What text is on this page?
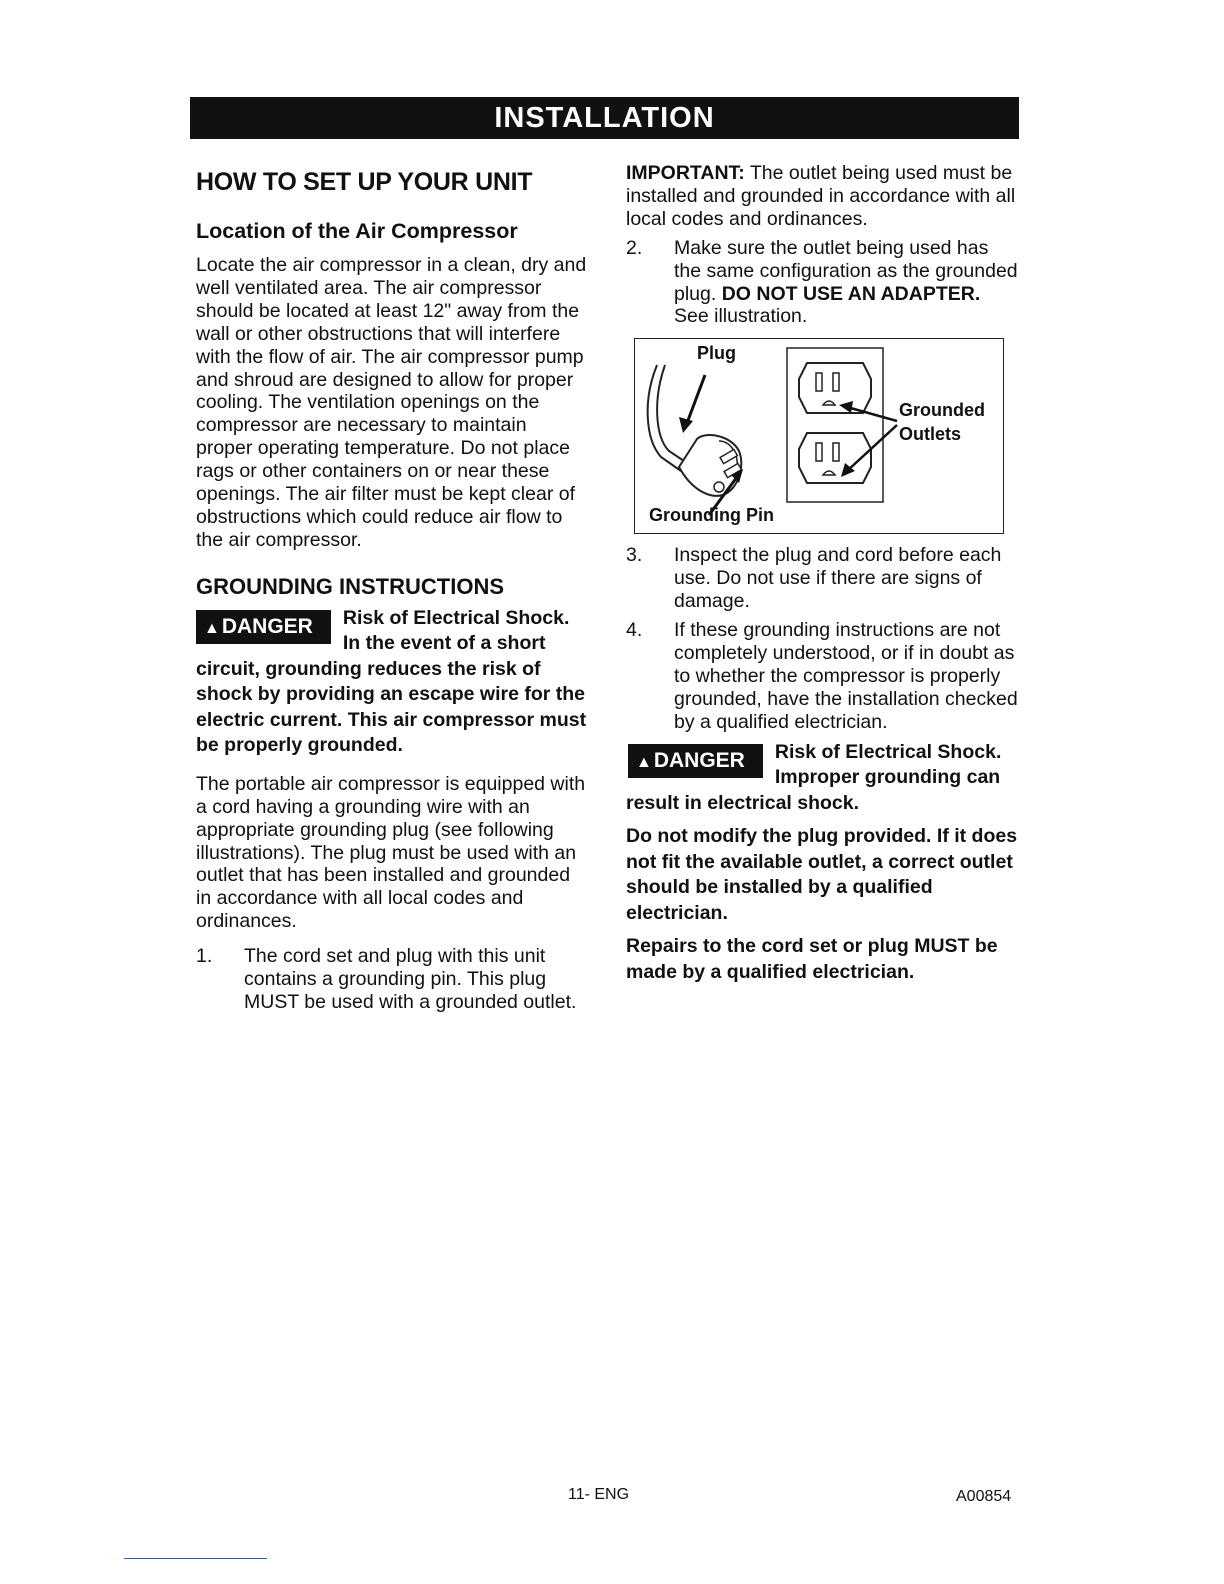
INSTALLATION
HOW TO SET UP YOUR UNIT
Location of the Air Compressor

Locate the air compressor in a clean, dry and well ventilated area. The air compressor should be located at least 12" away from the wall or other obstructions that will interfere with the flow of air. The air compressor pump and shroud are designed to allow for proper cooling. The ventilation openings on the compressor are necessary to maintain proper operating temperature. Do not place rags or other containers on or near these openings. The air filter must be kept clear of obstructions which could reduce air flow to the air compressor.

GROUNDING INSTRUCTIONS
▲DANGER	Risk of Electrical Shock. In the event of a short circuit, grounding reduces the risk of shock by providing an escape wire for the electric current. This air compressor must be properly grounded.

The portable air compressor is equipped with a cord having a grounding wire with an appropriate grounding plug (see following illustrations). The plug must be used with an outlet that has been installed and grounded in accordance with all local codes and ordinances.

1. The cord set and plug with this unit contains a grounding pin. This plug MUST be used with a grounded outlet.

IMPORTANT: The outlet being used must be installed and grounded in accordance with all local codes and ordinances.

2. Make sure the outlet being used has the same configuration as the grounded plug. DO NOT USE AN ADAPTER. See illustration.
Plug
Grounded
Outlets
Grounding Pin
3. Inspect the plug and cord before each use. Do not use if there are signs of damage.
4. If these grounding instructions are not completely understood, or if in doubt as to whether the compressor is properly grounded, have the installation checked by a qualified electrician.
▲DANGER	Risk of Electrical Shock. Improper grounding can result in electrical shock.

Do not modify the plug provided. If it does not fit the available outlet, a correct outlet should be installed by a qualified electrician.

Repairs to the cord set or plug MUST be made by a qualified electrician.

11- ENG	A00854
